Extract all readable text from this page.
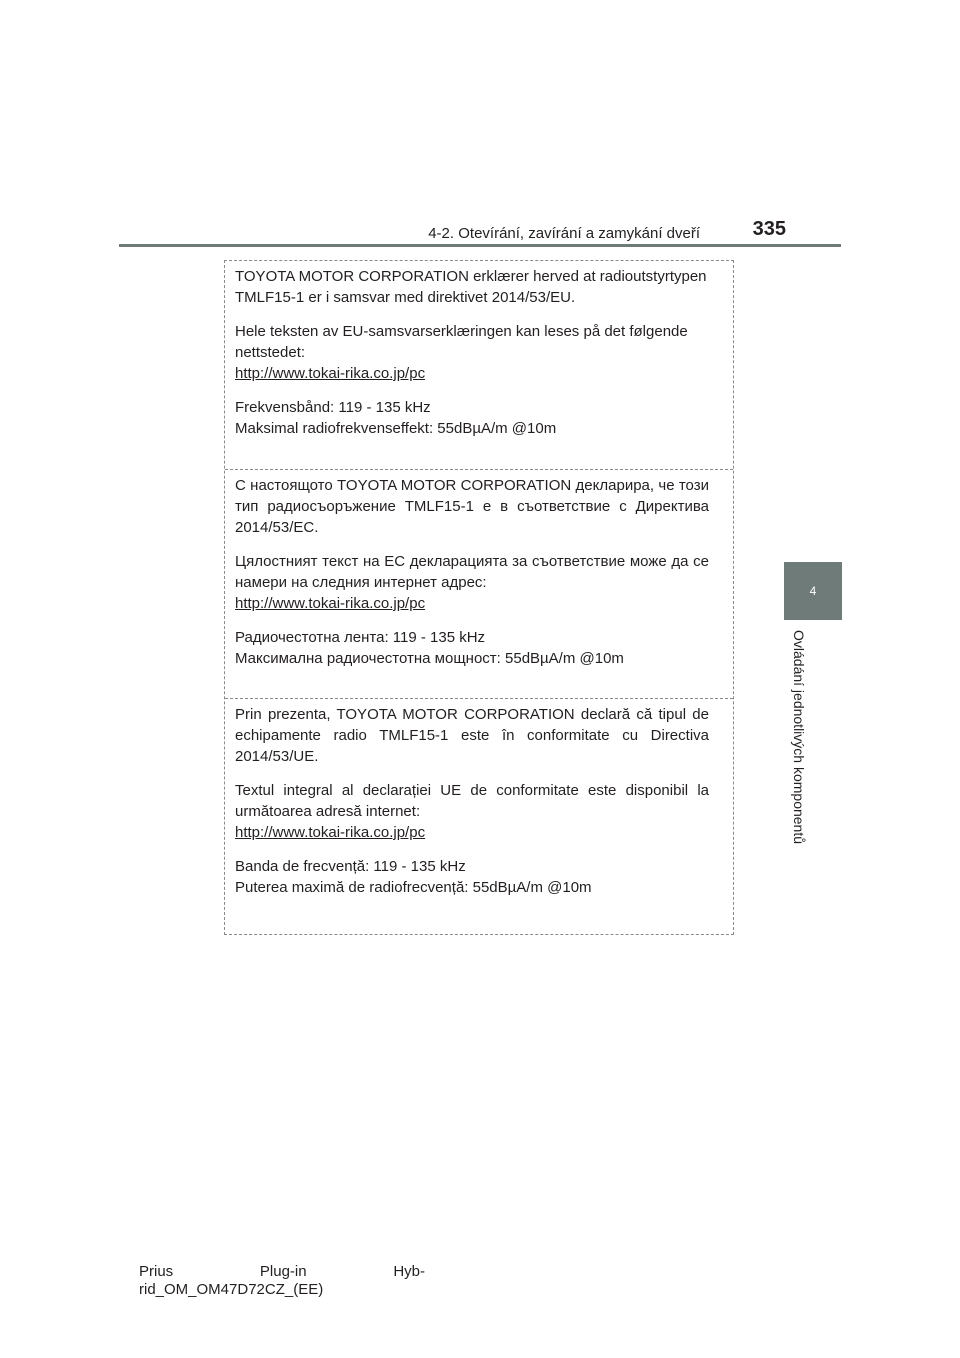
4-2. Otevírání, zavírání a zamykání dveří	335
4
Ovládání jednotlivých komponentů

TOYOTA MOTOR CORPORATION erklærer herved at radioutstyrtypen TMLF15-1 er i samsvar med direktivet 2014/53/EU.

Hele teksten av EU-samsvarserklæringen kan leses på det følgende nettstedet:

http://www.tokai-rika.co.jp/pc

Frekvensbånd: 119 - 135 kHz

Maksimal radiofrekvenseffekt: 55dBµA/m @10m

С настоящото TOYOTA MOTOR CORPORATION декларира, че този тип радиосъоръжение TMLF15-1 е в съответствие с Директива 2014/53/EC.

Цялостният текст на ЕС декларацията за съответствие може да се намери на следния интернет адрес:

http://www.tokai-rika.co.jp/pc

Радиочестотна лента: 119 - 135 kHz

Максимална радиочестотна мощност: 55dBµA/m @10m

Prin prezenta, TOYOTA MOTOR CORPORATION declară că tipul de echipamente radio TMLF15-1 este în conformitate cu Directiva 2014/53/UE.

Textul integral al declarației UE de conformitate este disponibil la următoarea adresă internet:

http://www.tokai-rika.co.jp/pc

Banda de frecvență: 119 - 135 kHz

Puterea maximă de radiofrecvență: 55dBµA/m @10m

Prius	Plug-in	Hyb-
rid_OM_OM47D72CZ_(EE)
